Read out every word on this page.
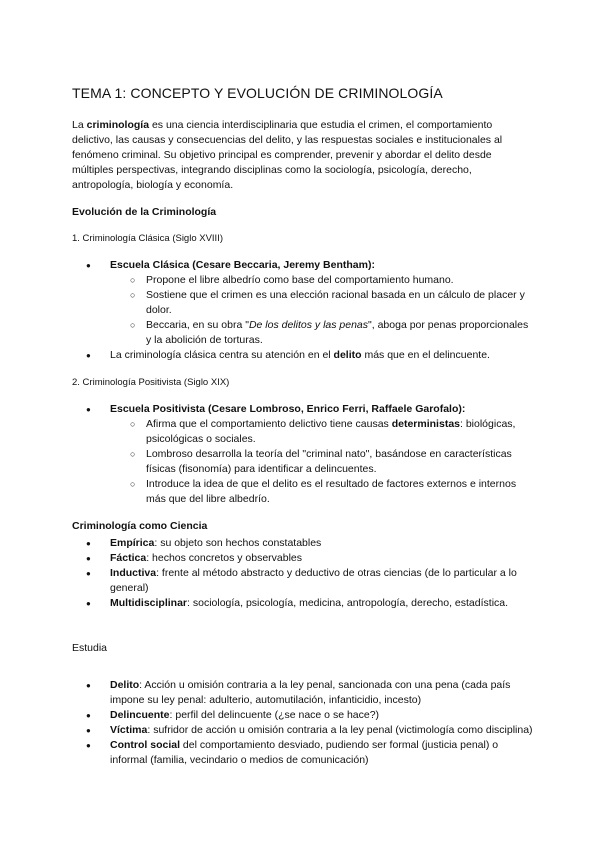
TEMA 1: CONCEPTO Y EVOLUCIÓN DE CRIMINOLOGÍA

La criminología es una ciencia interdisciplinaria que estudia el crimen, el comportamiento delictivo, las causas y consecuencias del delito, y las respuestas sociales e institucionales al fenómeno criminal. Su objetivo principal es comprender, prevenir y abordar el delito desde múltiples perspectivas, integrando disciplinas como la sociología, psicología, derecho, antropología, biología y economía.

Evolución de la Criminología

1. Criminología Clásica (Siglo XVIII)

● Escuela Clásica (Cesare Beccaria, Jeremy Bentham):
○ Propone el libre albedrío como base del comportamiento humano.
○ Sostiene que el crimen es una elección racional basada en un cálculo de placer y dolor.
○ Beccaria, en su obra "De los delitos y las penas", aboga por penas proporcionales y la abolición de torturas.
● La criminología clásica centra su atención en el delito más que en el delincuente.

2. Criminología Positivista (Siglo XIX)

● Escuela Positivista (Cesare Lombroso, Enrico Ferri, Raffaele Garofalo):
○ Afirma que el comportamiento delictivo tiene causas deterministas: biológicas, psicológicas o sociales.
○ Lombroso desarrolla la teoría del "criminal nato", basándose en características físicas (fisonomía) para identificar a delincuentes.
○ Introduce la idea de que el delito es el resultado de factores externos e internos más que del libre albedrío.
Criminología como Ciencia
● Empírica: su objeto son hechos constatables
● Fáctica: hechos concretos y observables
● Inductiva: frente al método abstracto y deductivo de otras ciencias (de lo particular a lo general)
● Multidisciplinar: sociología, psicología, medicina, antropología, derecho, estadística.

Estudia

● Delito: Acción u omisión contraria a la ley penal, sancionada con una pena (cada país impone su ley penal: adulterio, automutilación, infanticidio, incesto)
● Delincuente: perfil del delincuente (¿se nace o se hace?)
● Víctima: sufridor de acción u omisión contraria a la ley penal (victimología como disciplina)
● Control social del comportamiento desviado, pudiendo ser formal (justicia penal) o informal (familia, vecindario o medios de comunicación)
